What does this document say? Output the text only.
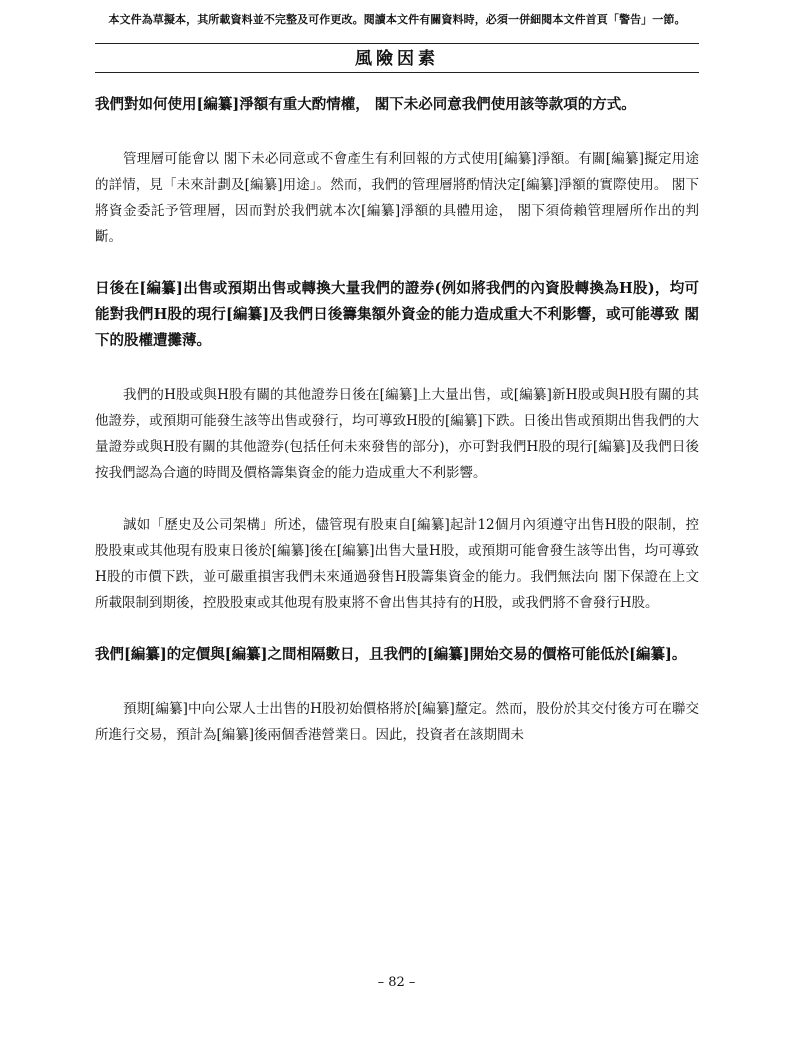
本文件為草擬本，其所載資料並不完整及可作更改。閱讀本文件有關資料時，必須一併細閱本文件首頁「警告」一節。
風險因素
我們對如何使用[編纂]淨額有重大酌情權， 閣下未必同意我們使用該等款項的方式。
管理層可能會以 閣下未必同意或不會產生有利回報的方式使用[編纂]淨額。有關[編纂]擬定用途的詳情，見「未來計劃及[編纂]用途」。然而，我們的管理層將酌情決定[編纂]淨額的實際使用。 閣下將資金委託予管理層，因而對於我們就本次[編纂]淨額的具體用途， 閣下須倚賴管理層所作出的判斷。
日後在[編纂]出售或預期出售或轉換大量我們的證券(例如將我們的內資股轉換為H股)，均可能對我們H股的現行[編纂]及我們日後籌集額外資金的能力造成重大不利影響，或可能導致 閣下的股權遭攤薄。
我們的H股或與H股有關的其他證券日後在[編纂]上大量出售，或[編纂]新H股或與H股有關的其他證券，或預期可能發生該等出售或發行，均可導致H股的[編纂]下跌。日後出售或預期出售我們的大量證券或與H股有關的其他證券(包括任何未來發售的部分)，亦可對我們H股的現行[編纂]及我們日後按我們認為合適的時間及價格籌集資金的能力造成重大不利影響。
誠如「歷史及公司架構」所述，儘管現有股東自[編纂]起計12個月內須遵守出售H股的限制，控股股東或其他現有股東日後於[編纂]後在[編纂]出售大量H股，或預期可能會發生該等出售，均可導致H股的市價下跌，並可嚴重損害我們未來通過發售H股籌集資金的能力。我們無法向 閣下保證在上文所載限制到期後，控股股東或其他現有股東將不會出售其持有的H股，或我們將不會發行H股。
我們[編纂]的定價與[編纂]之間相隔數日，且我們的[編纂]開始交易的價格可能低於[編纂]。
預期[編纂]中向公眾人士出售的H股初始價格將於[編纂]釐定。然而，股份於其交付後方可在聯交所進行交易，預計為[編纂]後兩個香港營業日。因此，投資者在該期間未
– 82 –
